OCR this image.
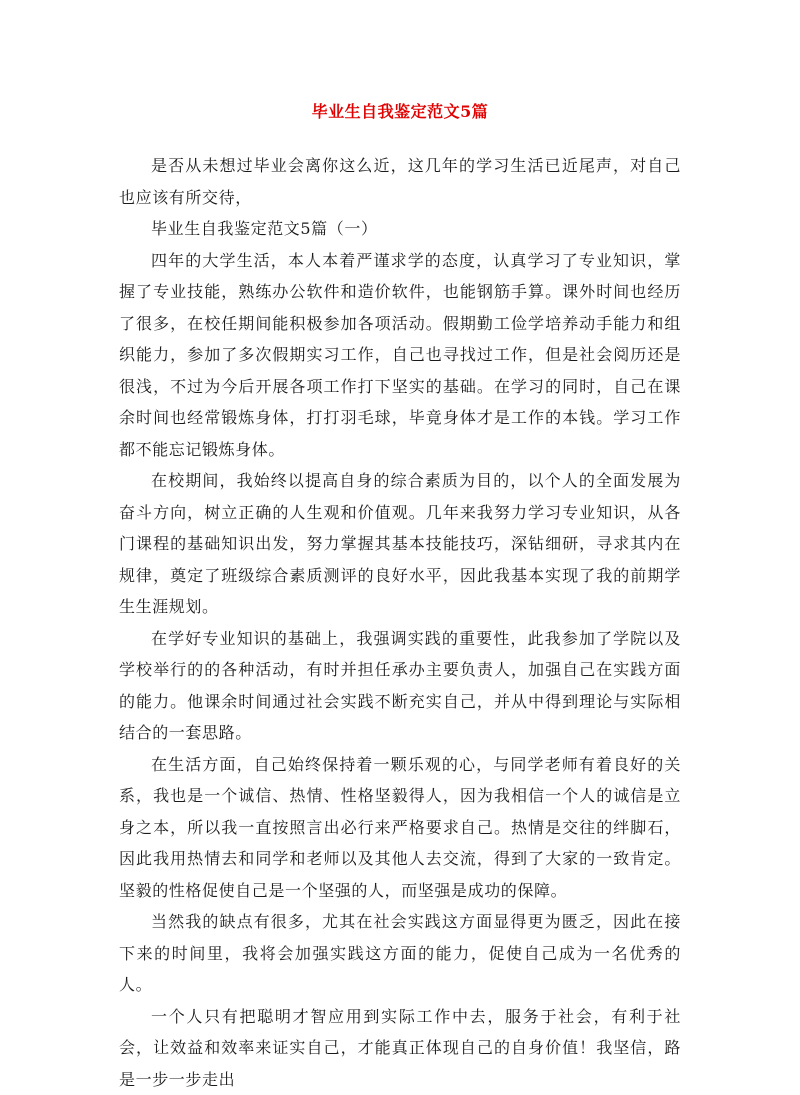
毕业生自我鉴定范文5篇

是否从未想过毕业会离你这么近，这几年的学习生活已近尾声，对自己也应该有所交待，

毕业生自我鉴定范文5篇（一）

四年的大学生活，本人本着严谨求学的态度，认真学习了专业知识，掌握了专业技能，熟练办公软件和造价软件，也能钢筋手算。课外时间也经历了很多，在校任期间能积极参加各项活动。假期勤工俭学培养动手能力和组织能力，参加了多次假期实习工作，自己也寻找过工作，但是社会阅历还是很浅，不过为今后开展各项工作打下坚实的基础。在学习的同时，自己在课余时间也经常锻炼身体，打打羽毛球，毕竟身体才是工作的本钱。学习工作都不能忘记锻炼身体。

在校期间，我始终以提高自身的综合素质为目的，以个人的全面发展为奋斗方向，树立正确的人生观和价值观。几年来我努力学习专业知识，从各门课程的基础知识出发，努力掌握其基本技能技巧，深钻细研，寻求其内在规律，奠定了班级综合素质测评的良好水平，因此我基本实现了我的前期学生生涯规划。

在学好专业知识的基础上，我强调实践的重要性，此我参加了学院以及学校举行的的各种活动，有时并担任承办主要负责人，加强自己在实践方面的能力。他课余时间通过社会实践不断充实自己，并从中得到理论与实际相结合的一套思路。

在生活方面，自己始终保持着一颗乐观的心，与同学老师有着良好的关系，我也是一个诚信、热情、性格坚毅得人，因为我相信一个人的诚信是立身之本，所以我一直按照言出必行来严格要求自己。热情是交往的绊脚石，因此我用热情去和同学和老师以及其他人去交流，得到了大家的一致肯定。坚毅的性格促使自己是一个坚强的人，而坚强是成功的保障。

当然我的缺点有很多，尤其在社会实践这方面显得更为匮乏，因此在接下来的时间里，我将会加强实践这方面的能力，促使自己成为一名优秀的人。

一个人只有把聪明才智应用到实际工作中去，服务于社会，有利于社会，让效益和效率来证实自己，才能真正体现自己的自身价值！我坚信，路是一步一步走出
